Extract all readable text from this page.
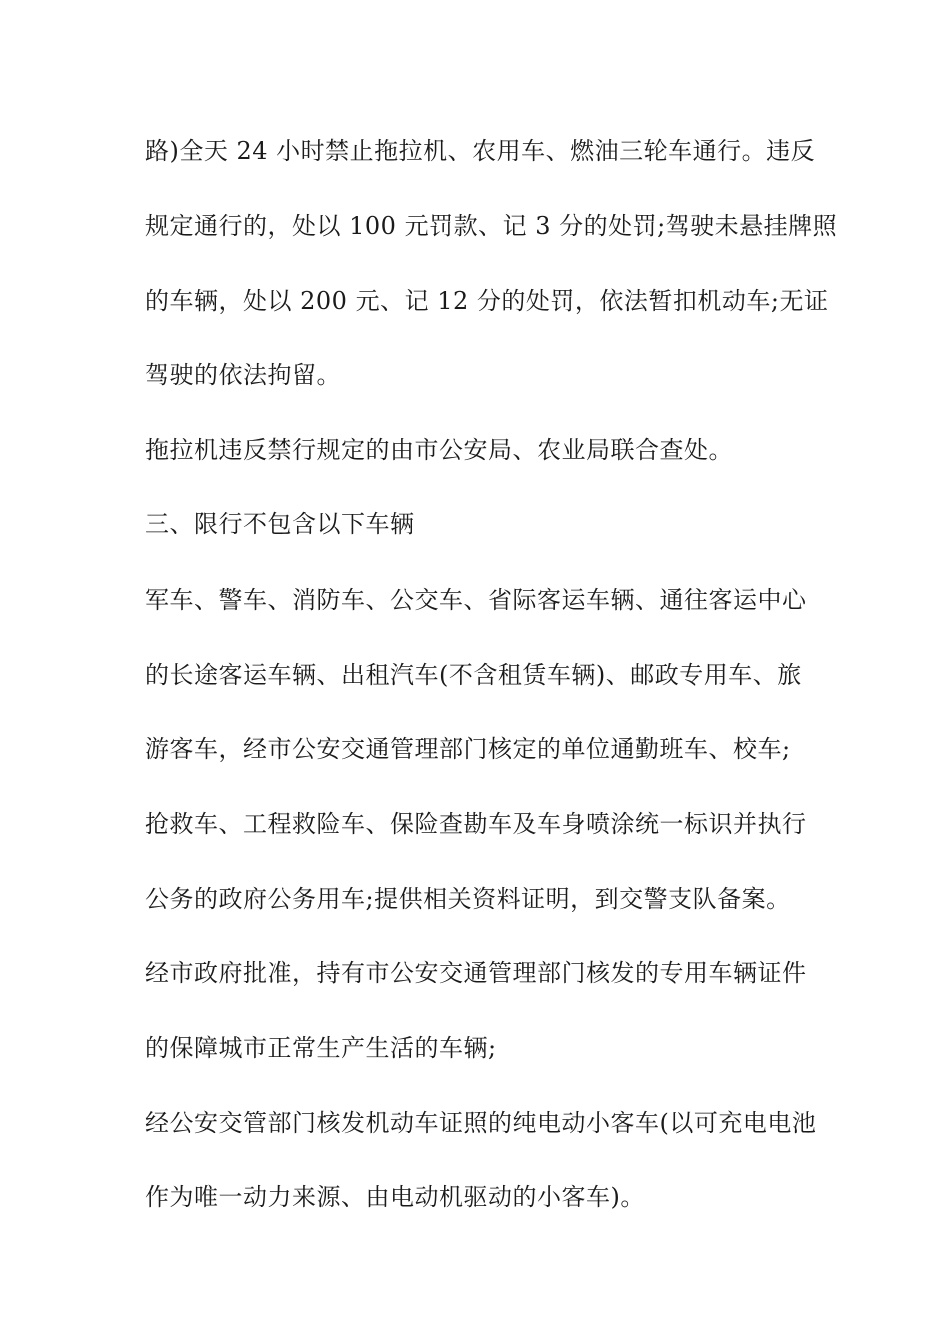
路)全天 24 小时禁止拖拉机、农用车、燃油三轮车通行。违反

规定通行的，处以 100 元罚款、记 3 分的处罚;驾驶未悬挂牌照

的车辆，处以 200 元、记 12 分的处罚，依法暂扣机动车;无证

驾驶的依法拘留。

拖拉机违反禁行规定的由市公安局、农业局联合查处。

三、限行不包含以下车辆

军车、警车、消防车、公交车、省际客运车辆、通往客运中心

的长途客运车辆、出租汽车(不含租赁车辆)、邮政专用车、旅

游客车，经市公安交通管理部门核定的单位通勤班车、校车;

抢救车、工程救险车、保险查勘车及车身喷涂统一标识并执行

公务的政府公务用车;提供相关资料证明，到交警支队备案。

经市政府批准，持有市公安交通管理部门核发的专用车辆证件

的保障城市正常生产生活的车辆;

经公安交管部门核发机动车证照的纯电动小客车(以可充电电池

作为唯一动力来源、由电动机驱动的小客车)。
